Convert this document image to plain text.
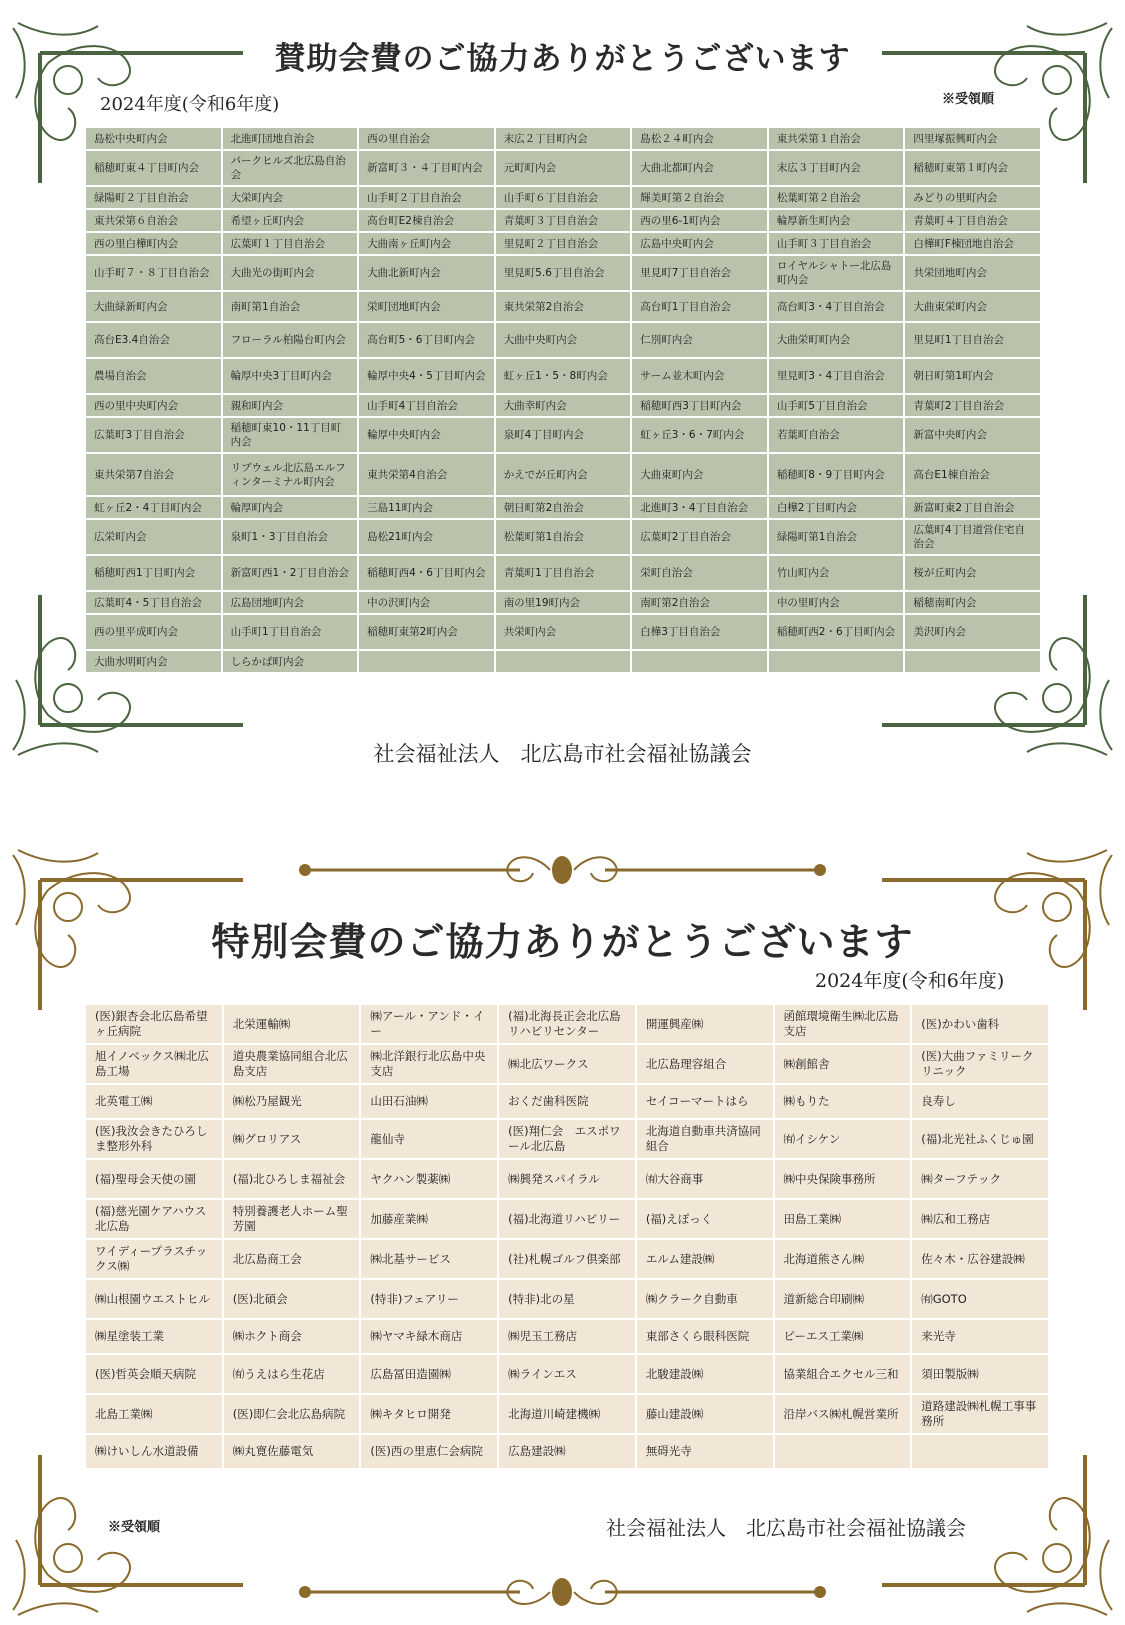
賛助会費のご協力ありがとうございます
2024年度(令和6年度)	※受領順
島松中央町内会	北進町団地自治会	西の里自治会	末広２丁目町内会	島松２４町内会	東共栄第１自治会	四里塚振興町内会
稲穂町東４丁目町内会	パークヒルズ北広島自治会	新富町３・４丁目町内会	元町町内会	大曲北都町内会	末広３丁目町内会	稲穂町東第１町内会
緑陽町２丁目自治会	大栄町内会	山手町２丁目自治会	山手町６丁目自治会	輝美町第２自治会	松葉町第２自治会	みどりの里町内会
東共栄第６自治会	希望ヶ丘町内会	高台町E2棟自治会	青葉町３丁目自治会	西の里6-1町内会	輪厚新生町内会	青葉町４丁目自治会
西の里白樺町内会	広葉町１丁目自治会	大曲南ヶ丘町内会	里見町２丁目自治会	広島中央町内会	山手町３丁目自治会	白樺町F棟団地自治会
山手町７・８丁目自治会	大曲光の街町内会	大曲北新町内会	里見町5.6丁目自治会	里見町7丁目自治会	ロイヤルシャトー北広島町内会	共栄団地町内会
大曲緑新町内会	南町第1自治会	栄町団地町内会	東共栄第2自治会	高台町1丁目自治会	高台町3・4丁目自治会	大曲東栄町内会
高台E3.4自治会	フローラル柏陽台町内会	高台町5・6丁目町内会	大曲中央町内会	仁別町内会	大曲栄町町内会	里見町1丁目自治会
農場自治会	輪厚中央3丁目町内会	輪厚中央4・5丁目町内会	虹ヶ丘1・5・8町内会	サーム並木町内会	里見町3・4丁目自治会	朝日町第1町内会
西の里中央町内会	親和町内会	山手町4丁目自治会	大曲幸町内会	稲穂町西3丁目町内会	山手町5丁目自治会	青葉町2丁目自治会
広葉町3丁目自治会	稲穂町東10・11丁目町内会	輪厚中央町内会	泉町4丁目町内会	虹ヶ丘3・6・7町内会	若葉町自治会	新富中央町内会
東共栄第7自治会	リブウェル北広島エルフィンターミナル町内会	東共栄第4自治会	かえでが丘町内会	大曲東町内会	稲穂町8・9丁目町内会	高台E1棟自治会
虹ヶ丘2・4丁目町内会	輪厚町内会	三島11町内会	朝日町第2自治会	北進町3・4丁目自治会	白樺2丁目町内会	新富町東2丁目自治会
広栄町内会	泉町1・3丁目自治会	島松21町内会	松葉町第1自治会	広葉町2丁目自治会	緑陽町第1自治会	広葉町4丁目道営住宅自治会
稲穂町西1丁目町内会	新富町西1・2丁目自治会	稲穂町西4・6丁目町内会	青葉町1丁目自治会	栄町自治会	竹山町内会	桜が丘町内会
広葉町4・5丁目自治会	広島団地町内会	中の沢町内会	南の里19町内会	南町第2自治会	中の里町内会	稲穂南町内会
西の里平成町内会	山手町1丁目自治会	稲穂町東第2町内会	共栄町内会	白樺3丁目自治会	稲穂町西2・6丁目町内会	美沢町内会
大曲水明町内会	しらかば町内会					
社会福祉法人　北広島市社会福祉協議会
特別会費のご協力ありがとうございます
2024年度(令和6年度)
(医)銀杏会北広島希望ヶ丘病院	北栄運輸㈱	㈱アール・アンド・イー	(福)北海長正会北広島リハビリセンター	開運興産㈱	函館環境衛生㈱北広島支店	(医)かわい歯科
旭イノベックス㈱北広島工場	道央農業協同組合北広島支店	㈱北洋銀行北広島中央支店	㈱北広ワークス	北広島理容組合	㈱創館舎	(医)大曲ファミリークリニック
北英電工㈱	㈱松乃屋観光	山田石油㈱	おくだ歯科医院	セイコーマートはら	㈱もりた	良寿し
(医)我汝会きたひろしま整形外科	㈱グロリアス	龍仙寺	(医)翔仁会　エスポワール北広島	北海道自動車共済協同組合	㈲イシケン	(福)北光社ふくじゅ園
(福)聖母会天使の園	(福)北ひろしま福祉会	ヤクハン製薬㈱	㈱興発スパイラル	㈲大谷商事	㈱中央保険事務所	㈱ターフテック
(福)慈光園ケアハウス北広島	特別養護老人ホーム聖芳園	加藤産業㈱	(福)北海道リハビリー	(福)えぽっく	田島工業㈱	㈱広和工務店
ワイディープラスチックス㈱	北広島商工会	㈱北基サービス	(社)札幌ゴルフ倶楽部	エルム建設㈱	北海道熊さん㈱	佐々木・広谷建設㈱
㈱山根園ウエストヒル	(医)北碩会	(特非)フェアリー	(特非)北の星	㈱クラーク自動車	道新総合印刷㈱	㈲GOTO
㈱星塗装工業	㈱ホクト商会	㈱ヤマキ緑木商店	㈱児玉工務店	東部さくら眼科医院	ピーエス工業㈱	来光寺
(医)哲英会順天病院	㈲うえはら生花店	広島冨田造園㈱	㈱ラインエス	北駿建設㈱	協業組合エクセル三和	須田製版㈱
北島工業㈱	(医)即仁会北広島病院	㈱キタヒロ開発	北海道川崎建機㈱	藤山建設㈱	沿岸バス㈱札幌営業所	道路建設㈱札幌工事事務所
㈱けいしん水道設備	㈱丸寛佐藤電気	(医)西の里恵仁会病院	広島建設㈱	無碍光寺		
※受領順	社会福祉法人　北広島市社会福祉協議会
